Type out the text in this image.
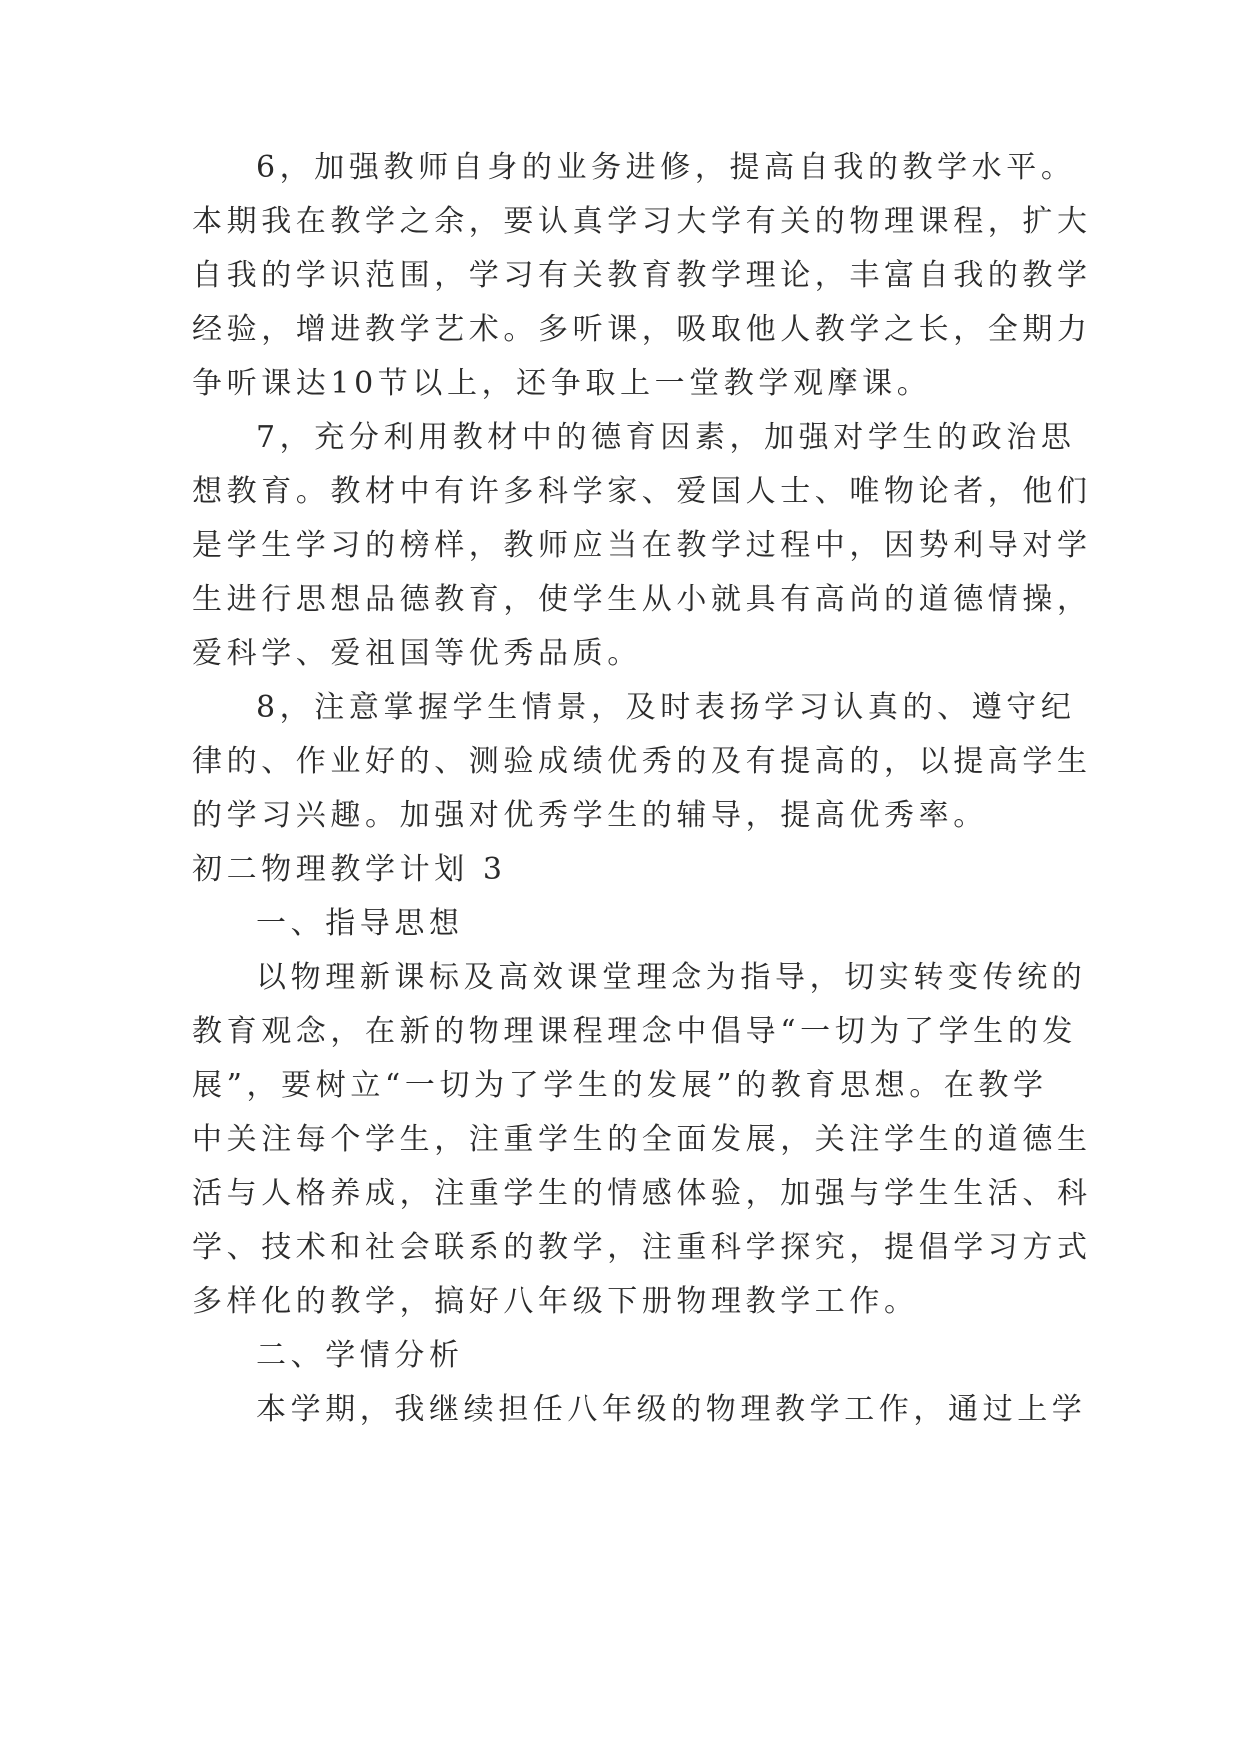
6，加强教师自身的业务进修，提高自我的教学水平。
本期我在教学之余，要认真学习大学有关的物理课程，扩大
自我的学识范围，学习有关教育教学理论，丰富自我的教学
经验，增进教学艺术。多听课，吸取他人教学之长，全期力
争听课达10节以上，还争取上一堂教学观摩课。
7，充分利用教材中的德育因素，加强对学生的政治思
想教育。教材中有许多科学家、爱国人士、唯物论者，他们
是学生学习的榜样，教师应当在教学过程中，因势利导对学
生进行思想品德教育，使学生从小就具有高尚的道德情操，
爱科学、爱祖国等优秀品质。
8，注意掌握学生情景，及时表扬学习认真的、遵守纪
律的、作业好的、测验成绩优秀的及有提高的，以提高学生
的学习兴趣。加强对优秀学生的辅导，提高优秀率。
初二物理教学计划 3
一、指导思想
以物理新课标及高效课堂理念为指导，切实转变传统的
教育观念，在新的物理课程理念中倡导“一切为了学生的发
展”，要树立“一切为了学生的发展”的教育思想。在教学
中关注每个学生，注重学生的全面发展，关注学生的道德生
活与人格养成，注重学生的情感体验，加强与学生生活、科
学、技术和社会联系的教学，注重科学探究，提倡学习方式
多样化的教学，搞好八年级下册物理教学工作。
二、学情分析
本学期，我继续担任八年级的物理教学工作，通过上学
